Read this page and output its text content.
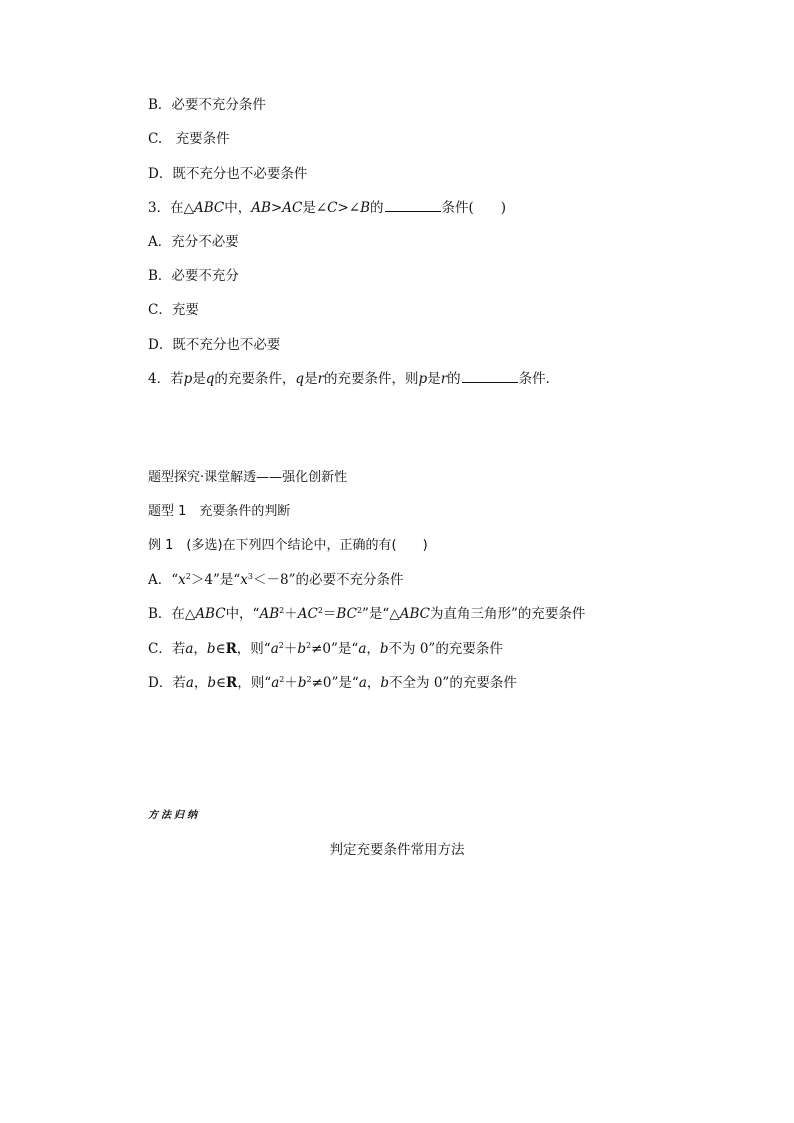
B．必要不充分条件
C.　充要条件
D．既不充分也不必要条件
3．在△ABC中，AB>AC是∠C>∠B的	条件(　　)
A．充分不必要
B．必要不充分
C．充要
D．既不充分也不必要
4．若p是q的充要条件，q是r的充要条件，则p是r的	条件．
题型探究·课堂解透——强化创新性
题型 1　充要条件的判断
例 1　(多选)在下列四个结论中，正确的有(　　)
A．“$x^2>4$”是“$x^3<-8$”的必要不充分条件
B．在△ABC中，“$AB^2+AC^2=BC^2$”是“△ABC为直角三角形”的充要条件
C．若a，b∈R，则“$a^2+b^2\ne 0$”是“a，b不为 0”的充要条件
D．若a，b∈R，则“$a^2+b^2\ne 0$”是“a，b不全为 0”的充要条件
方法归纳
判定充要条件常用方法
